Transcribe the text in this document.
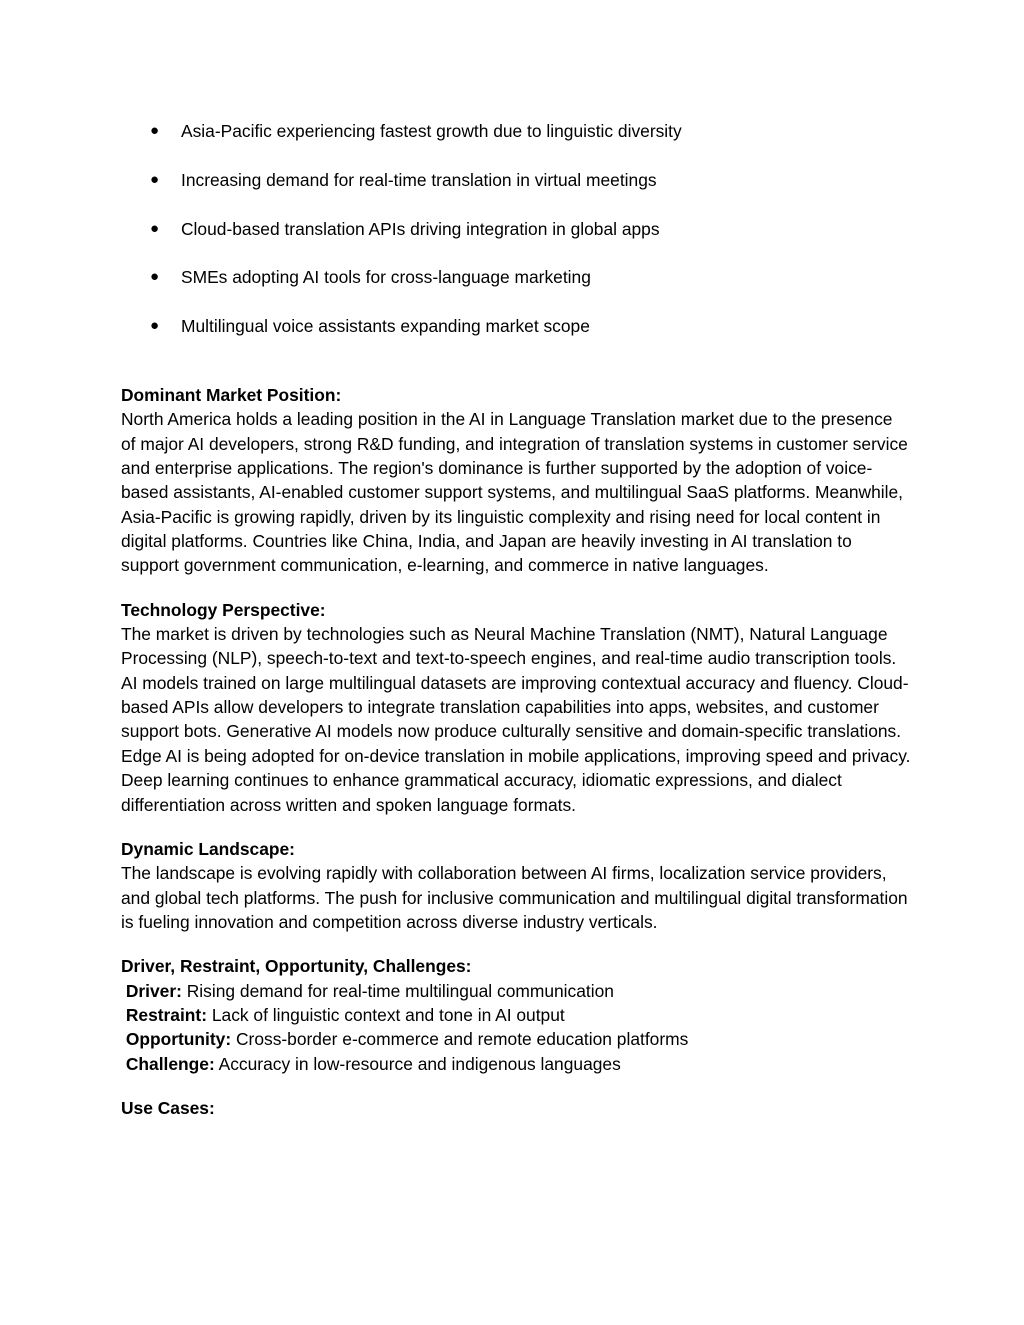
● Asia-Pacific experiencing fastest growth due to linguistic diversity
● Increasing demand for real-time translation in virtual meetings
● Cloud-based translation APIs driving integration in global apps
● SMEs adopting AI tools for cross-language marketing
● Multilingual voice assistants expanding market scope
Dominant Market Position:

North America holds a leading position in the AI in Language Translation market due to the presence of major AI developers, strong R&D funding, and integration of translation systems in customer service and enterprise applications. The region's dominance is further supported by the adoption of voice-based assistants, AI-enabled customer support systems, and multilingual SaaS platforms. Meanwhile, Asia-Pacific is growing rapidly, driven by its linguistic complexity and rising need for local content in digital platforms. Countries like China, India, and Japan are heavily investing in AI translation to support government communication, e-learning, and commerce in native languages.

Technology Perspective:

The market is driven by technologies such as Neural Machine Translation (NMT), Natural Language Processing (NLP), speech-to-text and text-to-speech engines, and real-time audio transcription tools. AI models trained on large multilingual datasets are improving contextual accuracy and fluency. Cloud-based APIs allow developers to integrate translation capabilities into apps, websites, and customer support bots. Generative AI models now produce culturally sensitive and domain-specific translations. Edge AI is being adopted for on-device translation in mobile applications, improving speed and privacy. Deep learning continues to enhance grammatical accuracy, idiomatic expressions, and dialect differentiation across written and spoken language formats.

Dynamic Landscape:

The landscape is evolving rapidly with collaboration between AI firms, localization service providers, and global tech platforms. The push for inclusive communication and multilingual digital transformation is fueling innovation and competition across diverse industry verticals.

Driver, Restraint, Opportunity, Challenges:

Driver: Rising demand for real-time multilingual communication

Restraint: Lack of linguistic context and tone in AI output

Opportunity: Cross-border e-commerce and remote education platforms

Challenge: Accuracy in low-resource and indigenous languages

Use Cases:
